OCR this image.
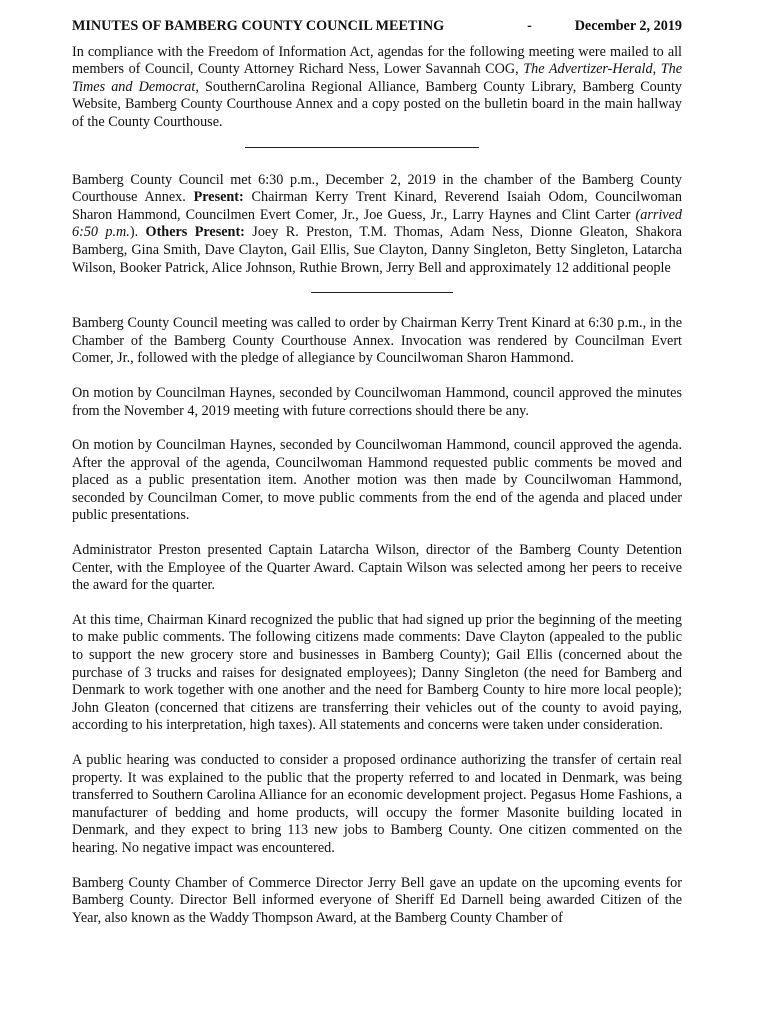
MINUTES OF BAMBERG COUNTY COUNCIL MEETING	-	December 2, 2019

In compliance with the Freedom of Information Act, agendas for the following meeting were mailed to all members of Council, County Attorney Richard Ness, Lower Savannah COG, The Advertizer-Herald, The Times and Democrat, SouthernCarolina Regional Alliance, Bamberg County Library, Bamberg County Website, Bamberg County Courthouse Annex and a copy posted on the bulletin board in the main hallway of the County Courthouse.

Bamberg County Council met 6:30 p.m., December 2, 2019 in the chamber of the Bamberg County Courthouse Annex. Present: Chairman Kerry Trent Kinard, Reverend Isaiah Odom, Councilwoman Sharon Hammond, Councilmen Evert Comer, Jr., Joe Guess, Jr., Larry Haynes and Clint Carter (arrived 6:50 p.m.). Others Present: Joey R. Preston, T.M. Thomas, Adam Ness, Dionne Gleaton, Shakora Bamberg, Gina Smith, Dave Clayton, Gail Ellis, Sue Clayton, Danny Singleton, Betty Singleton, Latarcha Wilson, Booker Patrick, Alice Johnson, Ruthie Brown, Jerry Bell and approximately 12 additional people

Bamberg County Council meeting was called to order by Chairman Kerry Trent Kinard at 6:30 p.m., in the Chamber of the Bamberg County Courthouse Annex. Invocation was rendered by Councilman Evert Comer, Jr., followed with the pledge of allegiance by Councilwoman Sharon Hammond.

On motion by Councilman Haynes, seconded by Councilwoman Hammond, council approved the minutes from the November 4, 2019 meeting with future corrections should there be any.

On motion by Councilman Haynes, seconded by Councilwoman Hammond, council approved the agenda. After the approval of the agenda, Councilwoman Hammond requested public comments be moved and placed as a public presentation item. Another motion was then made by Councilwoman Hammond, seconded by Councilman Comer, to move public comments from the end of the agenda and placed under public presentations.

Administrator Preston presented Captain Latarcha Wilson, director of the Bamberg County Detention Center, with the Employee of the Quarter Award. Captain Wilson was selected among her peers to receive the award for the quarter.

At this time, Chairman Kinard recognized the public that had signed up prior the beginning of the meeting to make public comments. The following citizens made comments: Dave Clayton (appealed to the public to support the new grocery store and businesses in Bamberg County); Gail Ellis (concerned about the purchase of 3 trucks and raises for designated employees); Danny Singleton (the need for Bamberg and Denmark to work together with one another and the need for Bamberg County to hire more local people); John Gleaton (concerned that citizens are transferring their vehicles out of the county to avoid paying, according to his interpretation, high taxes). All statements and concerns were taken under consideration.

A public hearing was conducted to consider a proposed ordinance authorizing the transfer of certain real property. It was explained to the public that the property referred to and located in Denmark, was being transferred to Southern Carolina Alliance for an economic development project. Pegasus Home Fashions, a manufacturer of bedding and home products, will occupy the former Masonite building located in Denmark, and they expect to bring 113 new jobs to Bamberg County. One citizen commented on the hearing. No negative impact was encountered.

Bamberg County Chamber of Commerce Director Jerry Bell gave an update on the upcoming events for Bamberg County. Director Bell informed everyone of Sheriff Ed Darnell being awarded Citizen of the Year, also known as the Waddy Thompson Award, at the Bamberg County Chamber of
